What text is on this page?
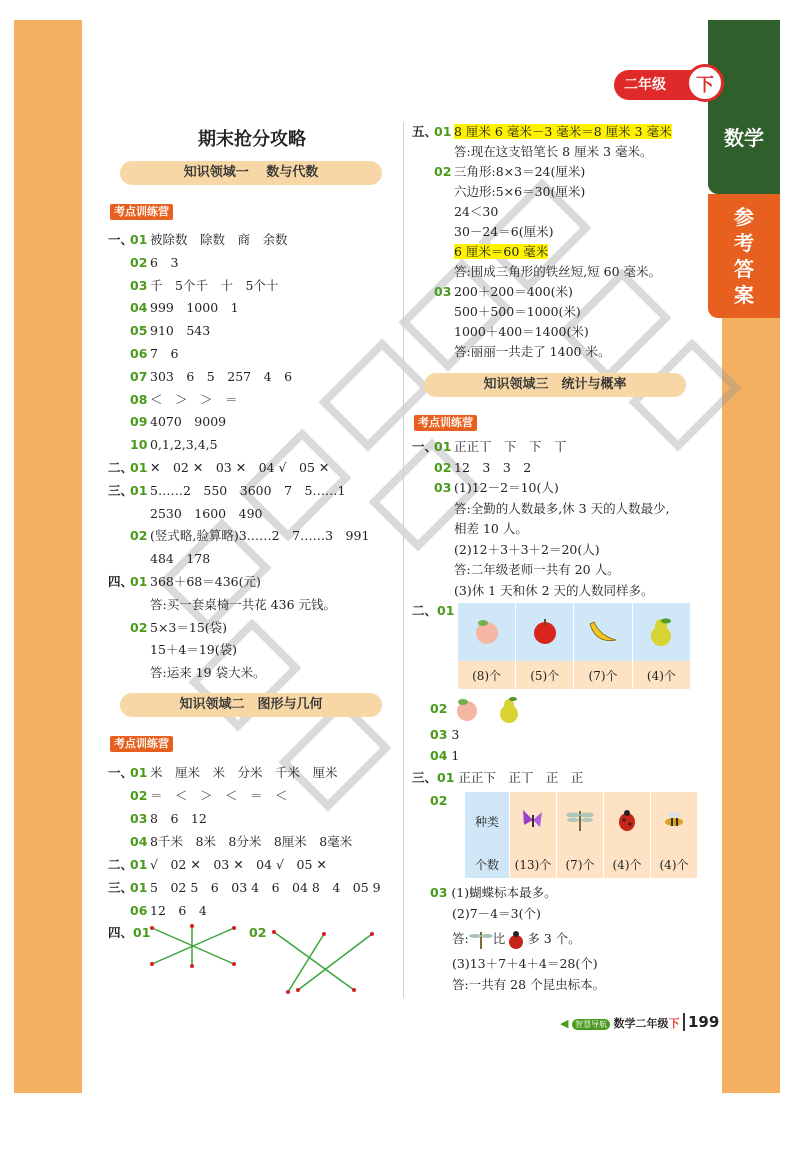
数学
参考答案
二年级	下
期末抢分攻略
知识领域一　 数与代数
考点训练营
一、01 被除数　除数　商　余数
02 6　3
03 千　5个千　十　5个十
04 999　1000　1
05 910　543
06 7　6
07 303　6　5　257　4　6
08 ＜　＞　＞　＝
09 4070　9009
10 0,1,2,3,4,5
二、01 ✕　02 ✕　03 ✕　04 √　05 ✕
三、01 5……2　550　3600　7　5……1
2530　1600　490
02 (竖式略,验算略)3……2　7……3　991
484　178
四、01 368＋68＝436(元)
答:买一套桌椅一共花 436 元钱。
02 5×3＝15(袋)
15＋4＝19(袋)
答:运来 19 袋大米。
知识领域二　图形与几何
考点训练营
一、01 米　厘米　米　分米　千米　厘米
02 ＝　＜　＞　＜　＝　＜
03 8　6　12
04 8千米　8米　8分米　8厘米　8毫米
二、01 √　02 ✕　03 ✕　04 √　05 ✕
三、01 5　02 5　6　03 4　6　04 8　4　05 9
06 12　6　4
四、01	02
五、01 8 厘米 6 毫米－3 毫米＝8 厘米 3 毫米
答:现在这支铅笔长 8 厘米 3 毫米。
02 三角形:8×3＝24(厘米)
六边形:5×6＝30(厘米)
24＜30
30－24＝6(厘米)
6 厘米＝60 毫米
答:围成三角形的铁丝短,短 60 毫米。
03 200＋200＝400(米)
500＋500＝1000(米)
1000＋400＝1400(米)
答:丽丽一共走了 1400 米。
知识领域三　统计与概率
考点训练营
一、01 正正丅　下　下　丅
02 12　3　3　2
03 (1)12－2＝10(人)
答:全勤的人数最多,休 3 天的人数最少,
相差 10 人。
(2)12＋3＋3＋2＝20(人)
答:二年级老师一共有 20 人。
(3)休 1 天和休 2 天的人数同样多。
二、01

(8)个	(5)个	(7)个	(4)个
02
03 3
04 1
三、01 正正下　正丅　正　正
02
种类				
个数	(13)个	(7)个	(4)个	(4)个
03 (1)蝴蝶标本最多。
(2)7－4＝3(个)
答: 比 多 3 个。
(3)13＋7＋4＋4＝28(个)
答:一共有 28 个昆虫标本。
◀ 智慧导航 数学二年级下 199
